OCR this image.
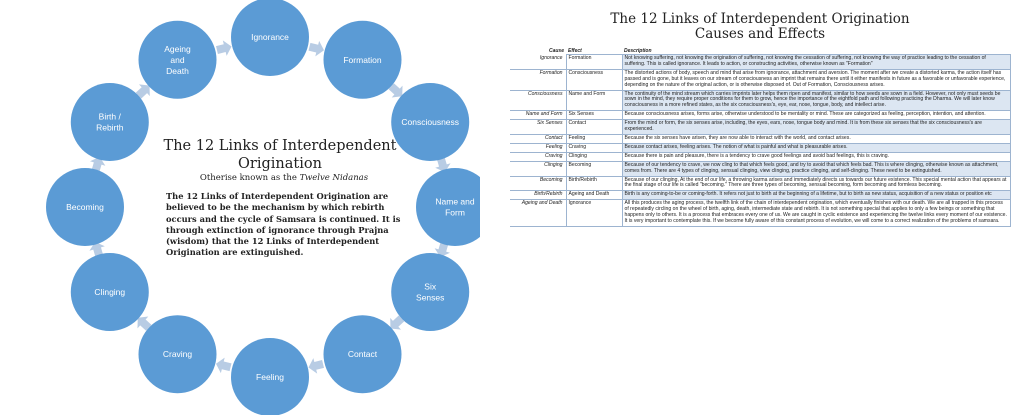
Ignorance
Formation
Consciousness
Name and
Form
Six
Senses
Contact
Feeling
Craving
Clinging
Becoming
Birth /
Rebirth
Ageing
and
Death
The 12 Links of Interdependent Origination
Otherise known as the Twelve Nidanas
The 12 Links of Interdependent Origination are believed to be the mechanism by which rebirth occurs and the cycle of Samsara is continued. It is through extinction of ignorance through Prajna (wisdom) that the 12 Links of Interdependent Origination are extinguished.
The 12 Links of Interdependent Origination
Causes and Effects
Cause	Effect	Description
Ignorance	Formation	Not knowing suffering, not knowing the origination of suffering, not knowing the cessation of suffering, not knowing the way of practice leading to the cessation of suffering. This is called ignorance. It leads to action, or constructing activities, otherwise known as "Formation"
Formation	Consciousness	The distorted actions of body, speech and mind that arise from ignorance, attachment and aversion. The moment after we create a distorted karma, the action itself has passed and is gone, but it leaves on our stream of consciousness an imprint that remains there until it either manifests in future as a favorable or unfavorable experience, depending on the nature of the original action, or is otherwise disposed of. Out of Formation, Consciousness arises.
Consciousness	Name and Form	The continuity of the mind stream which carries imprints later helps them ripen and manifest, similar to how seeds are sown in a field. However, not only must seeds be sown in the mind, they require proper conditions for them to grow, hence the importance of the eightfold path and following practicing the Dharma. We will later know consciousness in a more refined states, as the six consciousness's, eye, ear, nose, tongue, body, and intellect arise.
Name and Form	Six Senses	Because consciousness arises, forms arise, otherwise understood to be mentality or mind. These are categorized as feeling, perception, intention, and attention.
Six Senses	Contact	From the mind or form, the six senses arise, including, the eyes, ears, nose, tongue body and mind. It is from these six senses that the six consciousness's are experienced.
Contact	Feeling	Because the six senses have arisen, they are now able to interact with the world, and contact arises.
Feeling	Craving	Because contact arises, feeling arises. The notion of what is painful and what is pleasurable arises.
Craving	Clinging	Because there is pain and pleasure, there is a tendency to crave good feelings and avoid bad feelings, this is craving.
Clinging	Becoming	Because of our tendency to crave, we now cling to that which feels good, and try to avoid that which feels bad. This is where clinging, otherwise known as attachment, comes from. There are 4 types of clinging, sensual clinging, view clinging, practice clinging, and self-clinging. These need to be extinguished.
Becoming	Birth/Rebirth	Because of our clinging, At the end of our life, a throwing karma arises and immediately directs us towards our future existence. This special mental action that appears at the final stage of our life is called "becoming." There are three types of becoming, sensual becoming, form becoming and formless becoming.
Birth/Rebirth	Ageing and Death	Birth is any coming-to-be or coming-forth. It refers not just to birth at the beginning of a lifetime, but to birth as new status, acquisition of a new status or position etc
Ageing and Death	Ignorance	All this produces the aging process, the twelfth link of the chain of interdependent origination, which eventually finishes with our death. We are all trapped in this process of repeatedly circling on the wheel of birth, aging, death, intermediate state and rebirth. It is not something special that applies to only a few beings or something that happens only to others. It is a process that embraces every one of us. We are caught in cyclic existence and experiencing the twelve links every moment of our existence. It is very important to contemplate this. If we become fully aware of this constant process of evolution, we will come to a correct realization of the problems of samsara.
